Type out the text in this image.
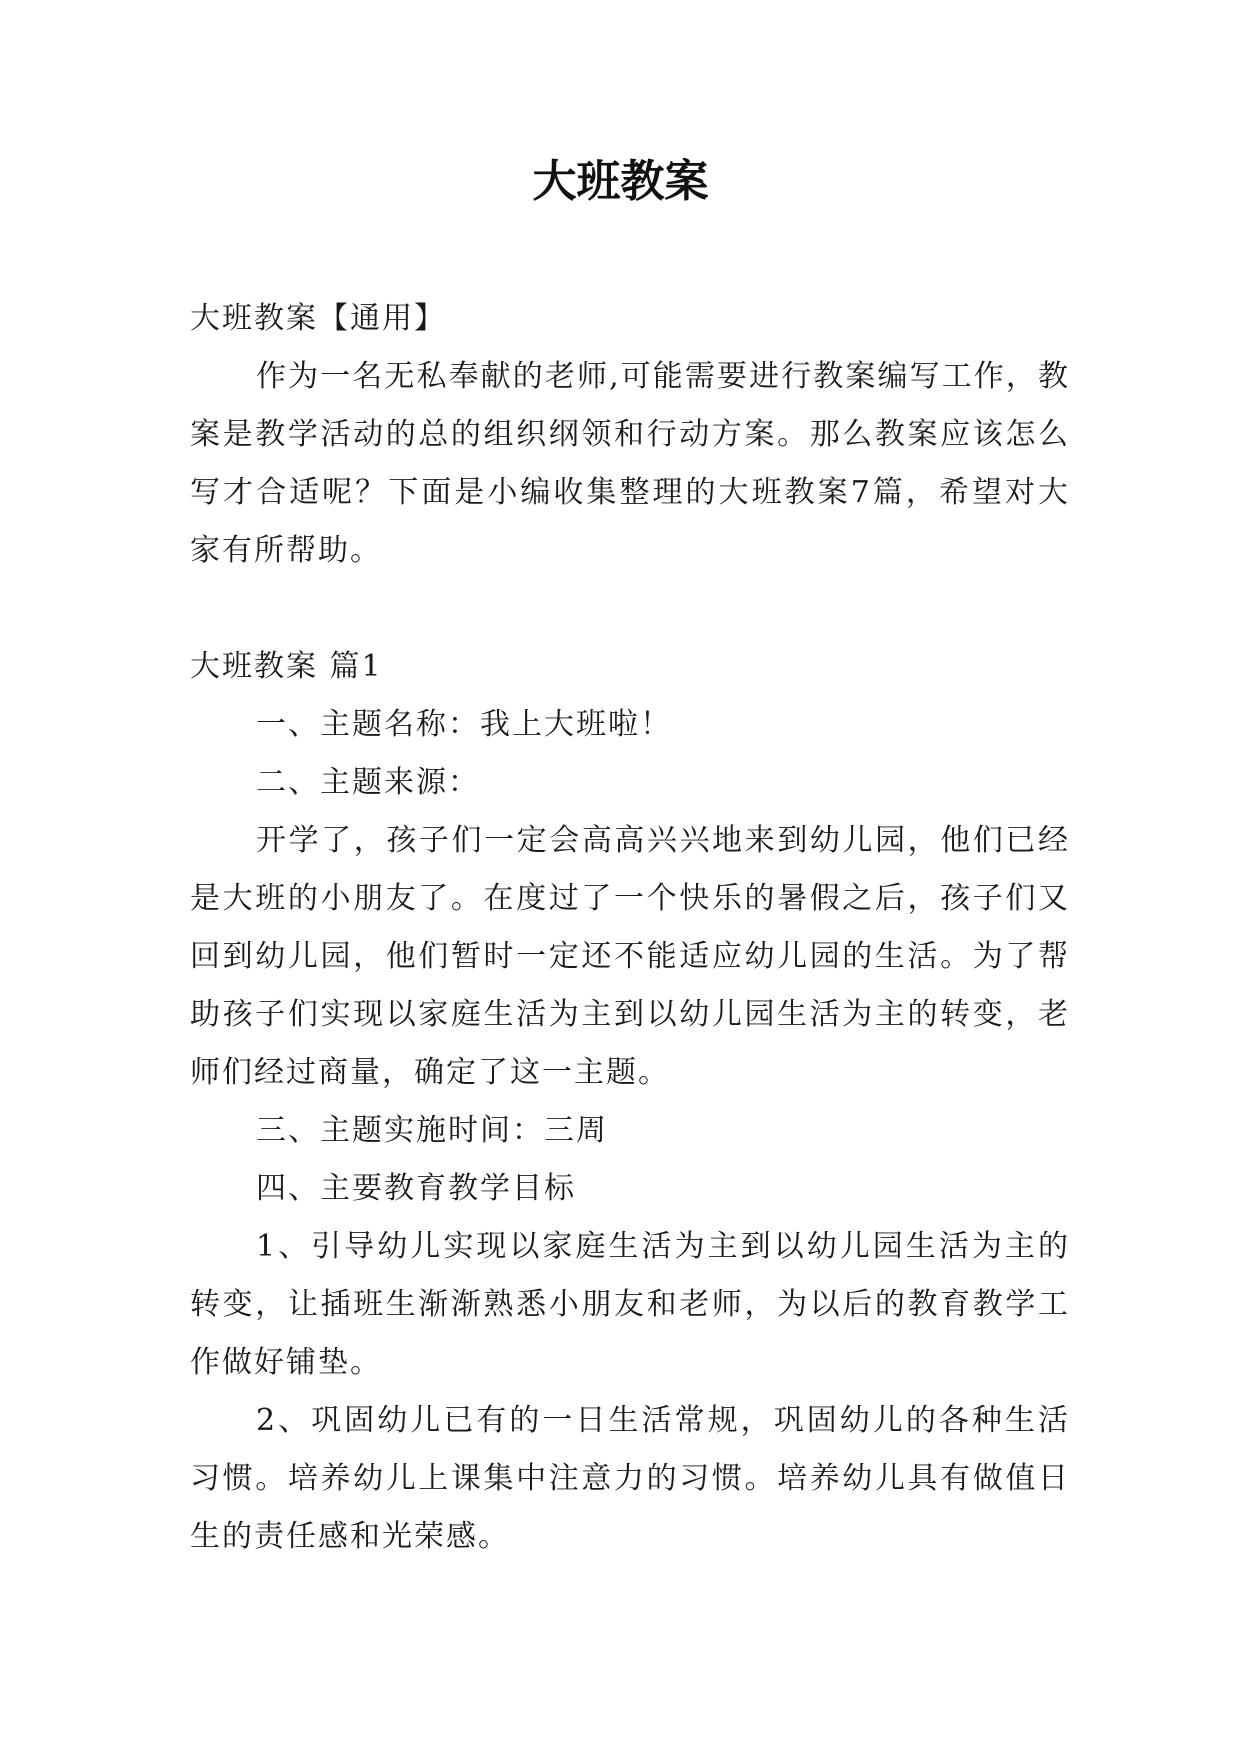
大班教案

大班教案【通用】

作为一名无私奉献的老师,可能需要进行教案编写工作，教案是教学活动的总的组织纲领和行动方案。那么教案应该怎么写才合适呢？下面是小编收集整理的大班教案7篇，希望对大家有所帮助。

大班教案 篇1

一、主题名称：我上大班啦！

二、主题来源：

开学了，孩子们一定会高高兴兴地来到幼儿园，他们已经是大班的小朋友了。在度过了一个快乐的暑假之后，孩子们又回到幼儿园，他们暂时一定还不能适应幼儿园的生活。为了帮助孩子们实现以家庭生活为主到以幼儿园生活为主的转变，老师们经过商量，确定了这一主题。

三、主题实施时间：三周

四、主要教育教学目标

1、引导幼儿实现以家庭生活为主到以幼儿园生活为主的转变，让插班生渐渐熟悉小朋友和老师，为以后的教育教学工作做好铺垫。

2、巩固幼儿已有的一日生活常规，巩固幼儿的各种生活习惯。培养幼儿上课集中注意力的习惯。培养幼儿具有做值日生的责任感和光荣感。
